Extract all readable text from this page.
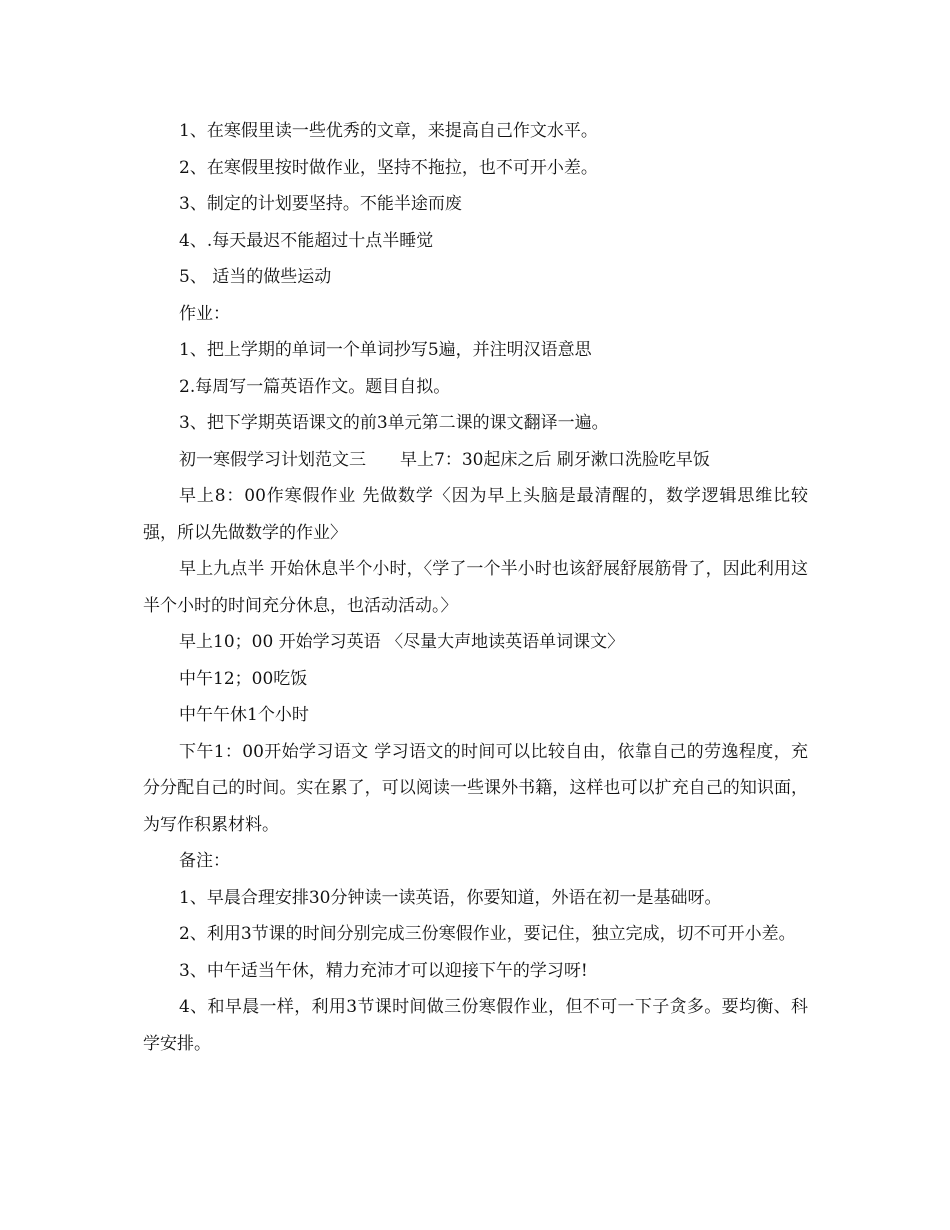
1、在寒假里读一些优秀的文章，来提高自己作文水平。

2、在寒假里按时做作业，坚持不拖拉，也不可开小差。

3、制定的计划要坚持。不能半途而废

4、.每天最迟不能超过十点半睡觉

5、 适当的做些运动

作业：

1、把上学期的单词一个单词抄写5遍，并注明汉语意思

2.每周写一篇英语作文。题目自拟。

3、把下学期英语课文的前3单元第二课的课文翻译一遍。

初一寒假学习计划范文三　　早上7：30起床之后 刷牙漱口洗脸吃早饭

早上8：00作寒假作业 先做数学〈因为早上头脑是最清醒的，数学逻辑思维比较强，所以先做数学的作业〉

早上九点半 开始休息半个小时，〈学了一个半小时也该舒展舒展筋骨了，因此利用这半个小时的时间充分休息，也活动活动。〉

早上10；00 开始学习英语 〈尽量大声地读英语单词课文〉

中午12；00吃饭

中午午休1个小时

下午1：00开始学习语文 学习语文的时间可以比较自由，依靠自己的劳逸程度，充分分配自己的时间。实在累了，可以阅读一些课外书籍，这样也可以扩充自己的知识面，为写作积累材料。

备注：

1、早晨合理安排30分钟读一读英语，你要知道，外语在初一是基础呀。

2、利用3节课的时间分别完成三份寒假作业，要记住，独立完成，切不可开小差。

3、中午适当午休，精力充沛才可以迎接下午的学习呀!

4、和早晨一样，利用3节课时间做三份寒假作业，但不可一下子贪多。要均衡、科学安排。
